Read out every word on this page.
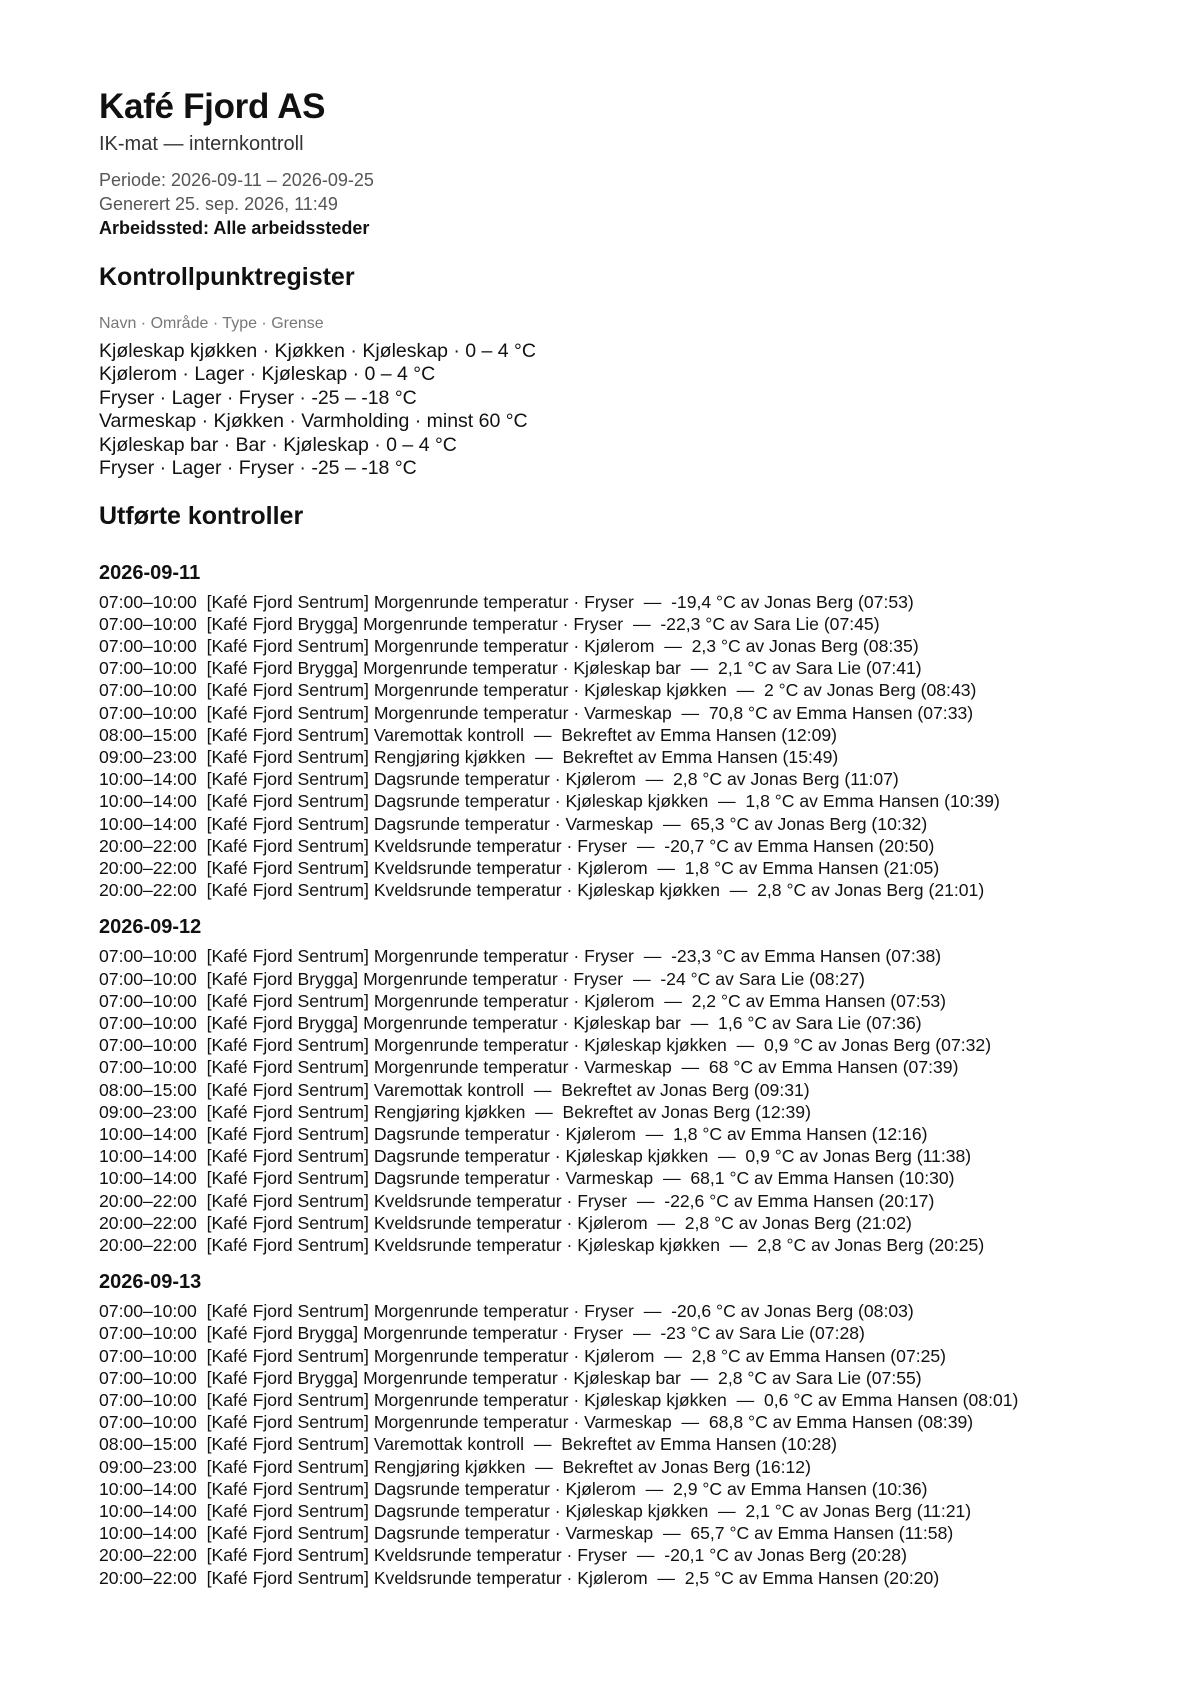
Kafé Fjord AS
IK-mat — internkontroll
Periode: 2026-09-11 – 2026-09-25
Generert 25. sep. 2026, 11:49
Arbeidssted: Alle arbeidssteder
Kontrollpunktregister
Navn · Område · Type · Grense
Kjøleskap kjøkken · Kjøkken · Kjøleskap · 0 – 4 °C
Kjølerom · Lager · Kjøleskap · 0 – 4 °C
Fryser · Lager · Fryser · -25 – -18 °C
Varmeskap · Kjøkken · Varmholding · minst 60 °C
Kjøleskap bar · Bar · Kjøleskap · 0 – 4 °C
Fryser · Lager · Fryser · -25 – -18 °C
Utførte kontroller
2026-09-11
07:00–10:00  [Kafé Fjord Sentrum] Morgenrunde temperatur · Fryser  —  -19,4 °C av Jonas Berg (07:53)
07:00–10:00  [Kafé Fjord Brygga] Morgenrunde temperatur · Fryser  —  -22,3 °C av Sara Lie (07:45)
07:00–10:00  [Kafé Fjord Sentrum] Morgenrunde temperatur · Kjølerom  —  2,3 °C av Jonas Berg (08:35)
07:00–10:00  [Kafé Fjord Brygga] Morgenrunde temperatur · Kjøleskap bar  —  2,1 °C av Sara Lie (07:41)
07:00–10:00  [Kafé Fjord Sentrum] Morgenrunde temperatur · Kjøleskap kjøkken  —  2 °C av Jonas Berg (08:43)
07:00–10:00  [Kafé Fjord Sentrum] Morgenrunde temperatur · Varmeskap  —  70,8 °C av Emma Hansen (07:33)
08:00–15:00  [Kafé Fjord Sentrum] Varemottak kontroll  —  Bekreftet av Emma Hansen (12:09)
09:00–23:00  [Kafé Fjord Sentrum] Rengjøring kjøkken  —  Bekreftet av Emma Hansen (15:49)
10:00–14:00  [Kafé Fjord Sentrum] Dagsrunde temperatur · Kjølerom  —  2,8 °C av Jonas Berg (11:07)
10:00–14:00  [Kafé Fjord Sentrum] Dagsrunde temperatur · Kjøleskap kjøkken  —  1,8 °C av Emma Hansen (10:39)
10:00–14:00  [Kafé Fjord Sentrum] Dagsrunde temperatur · Varmeskap  —  65,3 °C av Jonas Berg (10:32)
20:00–22:00  [Kafé Fjord Sentrum] Kveldsrunde temperatur · Fryser  —  -20,7 °C av Emma Hansen (20:50)
20:00–22:00  [Kafé Fjord Sentrum] Kveldsrunde temperatur · Kjølerom  —  1,8 °C av Emma Hansen (21:05)
20:00–22:00  [Kafé Fjord Sentrum] Kveldsrunde temperatur · Kjøleskap kjøkken  —  2,8 °C av Jonas Berg (21:01)
2026-09-12
07:00–10:00  [Kafé Fjord Sentrum] Morgenrunde temperatur · Fryser  —  -23,3 °C av Emma Hansen (07:38)
07:00–10:00  [Kafé Fjord Brygga] Morgenrunde temperatur · Fryser  —  -24 °C av Sara Lie (08:27)
07:00–10:00  [Kafé Fjord Sentrum] Morgenrunde temperatur · Kjølerom  —  2,2 °C av Emma Hansen (07:53)
07:00–10:00  [Kafé Fjord Brygga] Morgenrunde temperatur · Kjøleskap bar  —  1,6 °C av Sara Lie (07:36)
07:00–10:00  [Kafé Fjord Sentrum] Morgenrunde temperatur · Kjøleskap kjøkken  —  0,9 °C av Jonas Berg (07:32)
07:00–10:00  [Kafé Fjord Sentrum] Morgenrunde temperatur · Varmeskap  —  68 °C av Emma Hansen (07:39)
08:00–15:00  [Kafé Fjord Sentrum] Varemottak kontroll  —  Bekreftet av Jonas Berg (09:31)
09:00–23:00  [Kafé Fjord Sentrum] Rengjøring kjøkken  —  Bekreftet av Jonas Berg (12:39)
10:00–14:00  [Kafé Fjord Sentrum] Dagsrunde temperatur · Kjølerom  —  1,8 °C av Emma Hansen (12:16)
10:00–14:00  [Kafé Fjord Sentrum] Dagsrunde temperatur · Kjøleskap kjøkken  —  0,9 °C av Jonas Berg (11:38)
10:00–14:00  [Kafé Fjord Sentrum] Dagsrunde temperatur · Varmeskap  —  68,1 °C av Emma Hansen (10:30)
20:00–22:00  [Kafé Fjord Sentrum] Kveldsrunde temperatur · Fryser  —  -22,6 °C av Emma Hansen (20:17)
20:00–22:00  [Kafé Fjord Sentrum] Kveldsrunde temperatur · Kjølerom  —  2,8 °C av Jonas Berg (21:02)
20:00–22:00  [Kafé Fjord Sentrum] Kveldsrunde temperatur · Kjøleskap kjøkken  —  2,8 °C av Jonas Berg (20:25)
2026-09-13
07:00–10:00  [Kafé Fjord Sentrum] Morgenrunde temperatur · Fryser  —  -20,6 °C av Jonas Berg (08:03)
07:00–10:00  [Kafé Fjord Brygga] Morgenrunde temperatur · Fryser  —  -23 °C av Sara Lie (07:28)
07:00–10:00  [Kafé Fjord Sentrum] Morgenrunde temperatur · Kjølerom  —  2,8 °C av Emma Hansen (07:25)
07:00–10:00  [Kafé Fjord Brygga] Morgenrunde temperatur · Kjøleskap bar  —  2,8 °C av Sara Lie (07:55)
07:00–10:00  [Kafé Fjord Sentrum] Morgenrunde temperatur · Kjøleskap kjøkken  —  0,6 °C av Emma Hansen (08:01)
07:00–10:00  [Kafé Fjord Sentrum] Morgenrunde temperatur · Varmeskap  —  68,8 °C av Emma Hansen (08:39)
08:00–15:00  [Kafé Fjord Sentrum] Varemottak kontroll  —  Bekreftet av Emma Hansen (10:28)
09:00–23:00  [Kafé Fjord Sentrum] Rengjøring kjøkken  —  Bekreftet av Jonas Berg (16:12)
10:00–14:00  [Kafé Fjord Sentrum] Dagsrunde temperatur · Kjølerom  —  2,9 °C av Emma Hansen (10:36)
10:00–14:00  [Kafé Fjord Sentrum] Dagsrunde temperatur · Kjøleskap kjøkken  —  2,1 °C av Jonas Berg (11:21)
10:00–14:00  [Kafé Fjord Sentrum] Dagsrunde temperatur · Varmeskap  —  65,7 °C av Emma Hansen (11:58)
20:00–22:00  [Kafé Fjord Sentrum] Kveldsrunde temperatur · Fryser  —  -20,1 °C av Jonas Berg (20:28)
20:00–22:00  [Kafé Fjord Sentrum] Kveldsrunde temperatur · Kjølerom  —  2,5 °C av Emma Hansen (20:20)
